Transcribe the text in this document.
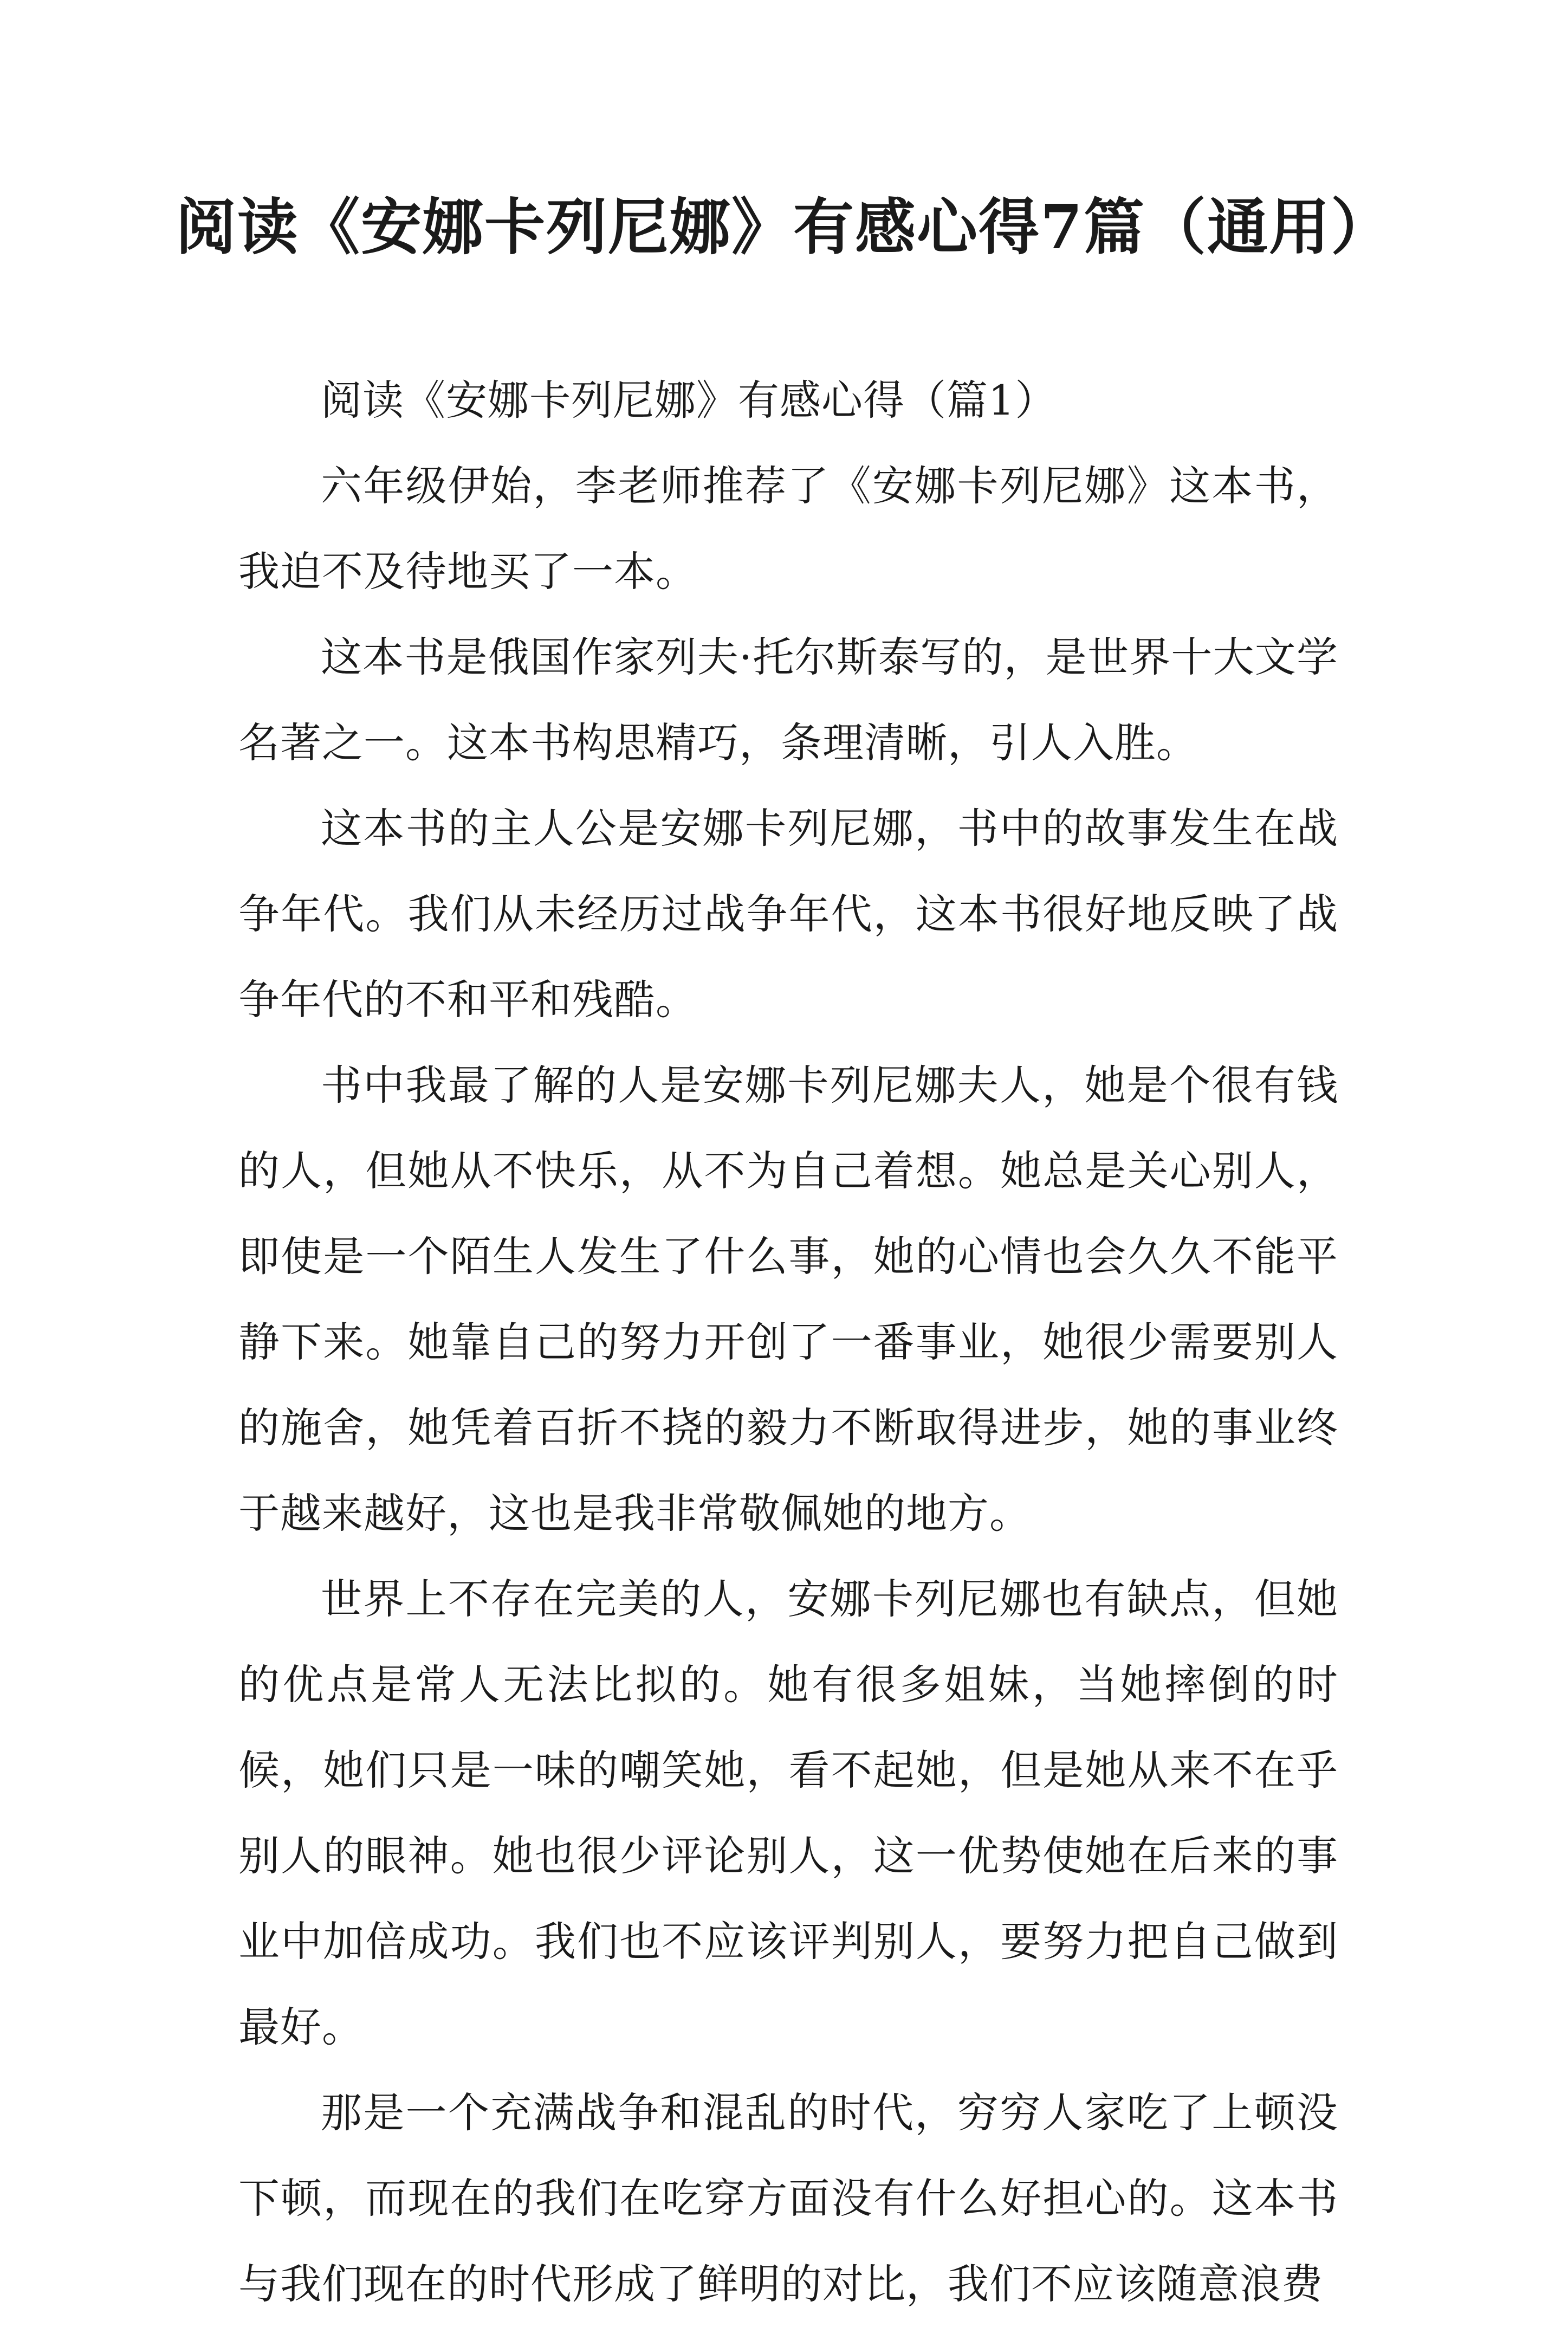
阅读《安娜卡列尼娜》有感心得7篇（通用）

阅读《安娜卡列尼娜》有感心得（篇1）

六年级伊始，李老师推荐了《安娜卡列尼娜》这本书，我迫不及待地买了一本。

这本书是俄国作家列夫·托尔斯泰写的，是世界十大文学名著之一。这本书构思精巧，条理清晰，引人入胜。

这本书的主人公是安娜卡列尼娜，书中的故事发生在战争年代。我们从未经历过战争年代，这本书很好地反映了战争年代的不和平和残酷。

书中我最了解的人是安娜卡列尼娜夫人，她是个很有钱的人，但她从不快乐，从不为自己着想。她总是关心别人，即使是一个陌生人发生了什么事，她的心情也会久久不能平静下来。她靠自己的努力开创了一番事业，她很少需要别人的施舍，她凭着百折不挠的毅力不断取得进步，她的事业终于越来越好，这也是我非常敬佩她的地方。

世界上不存在完美的人，安娜卡列尼娜也有缺点，但她的优点是常人无法比拟的。她有很多姐妹，当她摔倒的时候，她们只是一味的嘲笑她，看不起她，但是她从来不在乎别人的眼神。她也很少评论别人，这一优势使她在后来的事业中加倍成功。我们也不应该评判别人，要努力把自己做到最好。

那是一个充满战争和混乱的时代，穷穷人家吃了上顿没下顿，而现在的我们在吃穿方面没有什么好担心的。这本书与我们现在的时代形成了鲜明的对比，我们不应该随意浪费
